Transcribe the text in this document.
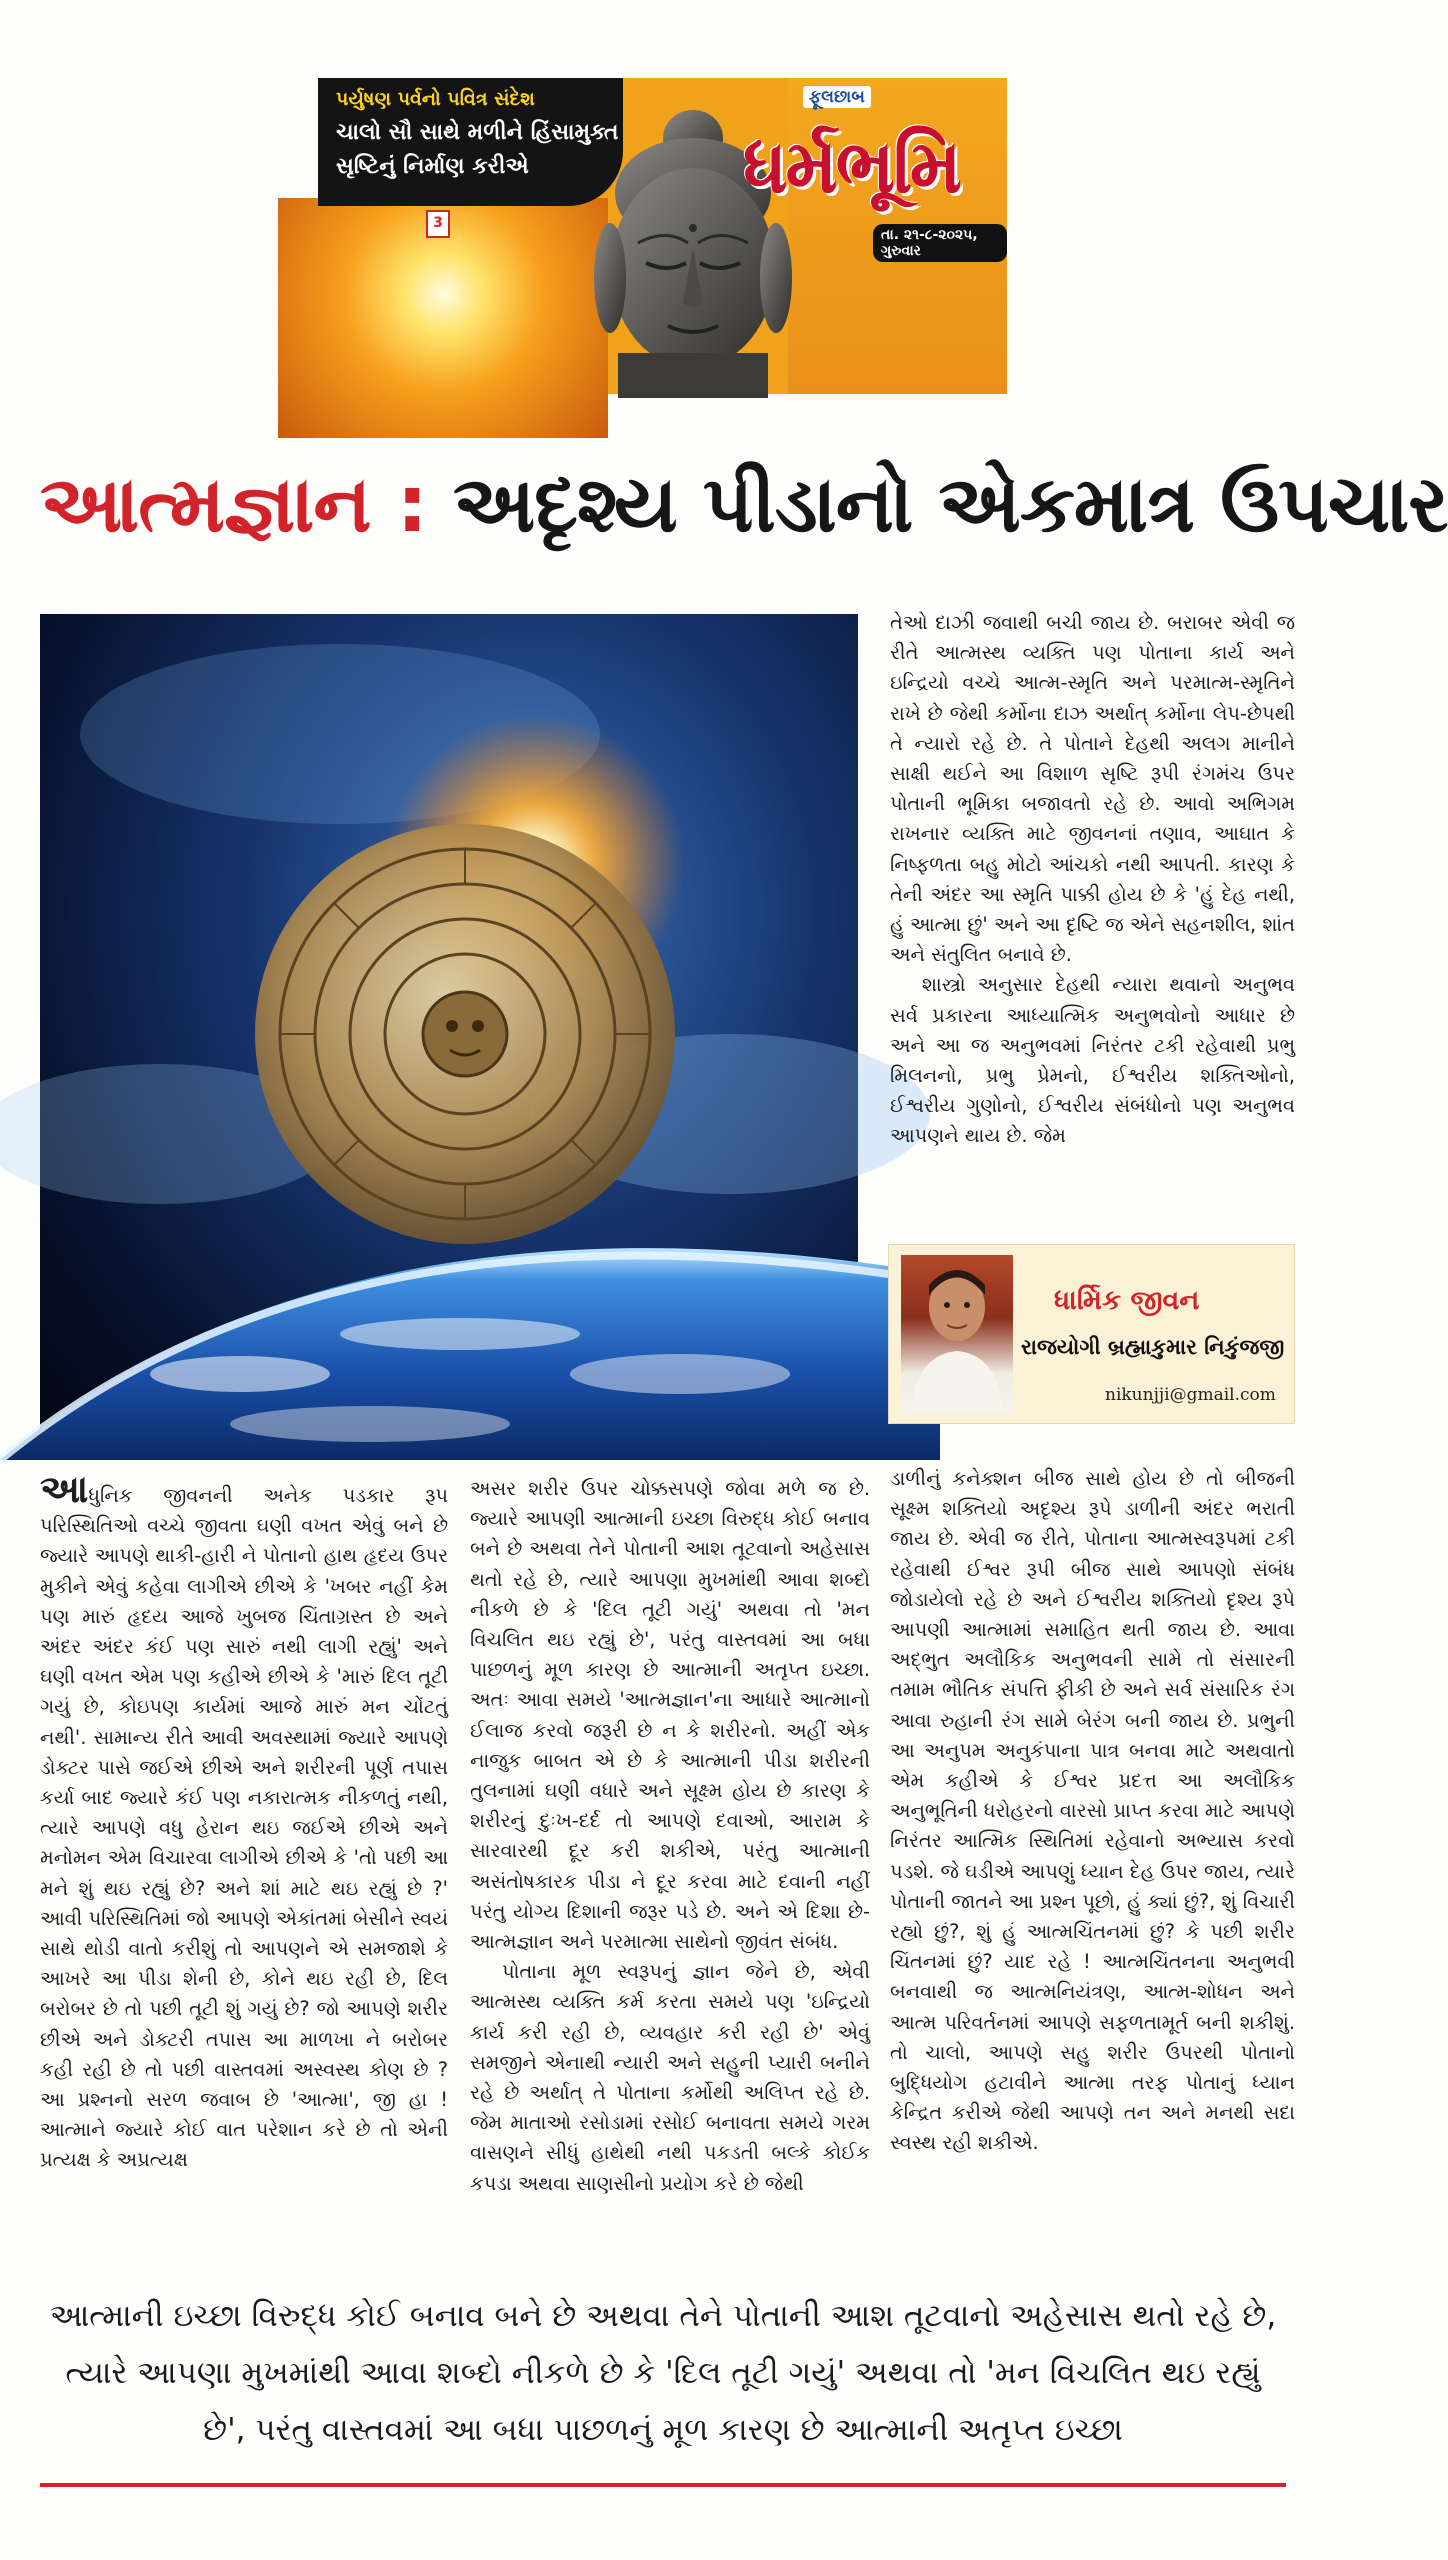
પર્યુષણ પર્વનો પવિત્ર સંદેશ
ચાલો સૌ સાથે મળીને હિંસામુક્ત
સૃષ્ટિનું નિર્માણ કરીએ
3
ફૂલછાબ
ધર્મભૂમિ
તા. ૨૧-૮-૨૦૨૫, ગુરુવાર
આત્મજ્ઞાન : અદૃશ્ય પીડાનો એકમાત્ર ઉપચાર

તેઓ દાઝી જવાથી બચી જાય છે. બરાબર એવી જ રીતે આત્મસ્થ વ્યક્તિ પણ પોતાના કાર્ય અને ઇન્દ્રિયો વચ્ચે આત્મ-સ્મૃતિ અને પરમાત્મ-સ્મૃતિને રાખે છે જેથી કર્મોના દાઝ અર્થાત્ કર્મોના લેપ-છેપથી તે ન્યારો રહે છે. તે પોતાને દેહથી અલગ માનીને સાક્ષી થઈને આ વિશાળ સૃષ્ટિ રૂપી રંગમંચ ઉપર પોતાની ભૂમિકા બજાવતો રહે છે. આવો અભિગમ રાખનાર વ્યક્તિ માટે જીવનનાં તણાવ, આઘાત કે નિષ્ફળતા બહુ મોટો આંચકો નથી આપતી. કારણ કે તેની અંદર આ સ્મૃતિ પાક્કી હોય છે કે 'હું દેહ નથી, હું આત્મા છું' અને આ દૃષ્ટિ જ એને સહનશીલ, શાંત અને સંતુલિત બનાવે છે.

શાસ્ત્રો અનુસાર દેહથી ન્યારા થવાનો અનુભવ સર્વ પ્રકારના આધ્યાત્મિક અનુભવોનો આધાર છે અને આ જ અનુભવમાં નિરંતર ટકી રહેવાથી પ્રભુ મિલનનો, પ્રભુ પ્રેમનો, ઈશ્વરીય શક્તિઓનો, ઈશ્વરીય ગુણોનો, ઈશ્વરીય સંબંધોનો પણ અનુભવ આપણને થાય છે. જેમ

ધાર્મિક જીવન
રાજયોગી બ્રહ્માકુમાર નિકુંજજી
nikunjji@gmail.com

આધુનિક જીવનની અનેક પડકાર રૂપ પરિસ્થિતિઓ વચ્ચે જીવતા ઘણી વખત એવું બને છે જ્યારે આપણે થાકી-હારી ને પોતાનો હાથ હૃદય ઉપર મુકીને એવું કહેવા લાગીએ છીએ કે 'ખબર નહીં કેમ પણ મારું હૃદય આજે ખુબજ ચિંતાગ્રસ્ત છે અને અંદર અંદર કંઈ પણ સારું નથી લાગી રહ્યું' અને ઘણી વખત એમ પણ કહીએ છીએ કે 'મારું દિલ તૂટી ગયું છે, કોઇપણ કાર્યમાં આજે મારું મન ચોંટતું નથી'. સામાન્ય રીતે આવી અવસ્થામાં જ્યારે આપણે ડોક્ટર પાસે જઈએ છીએ અને શરીરની પૂર્ણ તપાસ કર્યા બાદ જ્યારે કંઈ પણ નકારાત્મક નીકળતું નથી, ત્યારે આપણે વધુ હેરાન થઇ જઈએ છીએ અને મનોમન એમ વિચારવા લાગીએ છીએ કે 'તો પછી આ મને શું થઇ રહ્યું છે? અને શાં માટે થઇ રહ્યું છે ?' આવી પરિસ્થિતિમાં જો આપણે એકાંતમાં બેસીને સ્વયં સાથે થોડી વાતો કરીશું તો આપણને એ સમજાશે કે આખરે આ પીડા શેની છે, કોને થઇ રહી છે, દિલ બરોબર છે તો પછી તૂટી શું ગયું છે? જો આપણે શરીર છીએ અને ડોક્ટરી તપાસ આ માળખા ને બરોબર કહી રહી છે તો પછી વાસ્તવમાં અસ્વસ્થ કોણ છે ? આ પ્રશ્નનો સરળ જવાબ છે 'આત્મા', જી હા ! આત્માને જ્યારે કોઈ વાત પરેશાન કરે છે તો એની પ્રત્યક્ષ કે અપ્રત્યક્ષ

અસર શરીર ઉપર ચોક્કસપણે જોવા મળે જ છે. જ્યારે આપણી આત્માની ઇચ્છા વિરુદ્ધ કોઈ બનાવ બને છે અથવા તેને પોતાની આશ તૂટવાનો અહેસાસ થતો રહે છે, ત્યારે આપણા મુખમાંથી આવા શબ્દો નીકળે છે કે 'દિલ તૂટી ગયું' અથવા તો 'મન વિચલિત થઇ રહ્યું છે', પરંતુ વાસ્તવમાં આ બધા પાછળનું મૂળ કારણ છે આત્માની અતૃપ્ત ઇચ્છા. અતઃ આવા સમયે 'આત્મજ્ઞાન'ના આધારે આત્માનો ઈલાજ કરવો જરૂરી છે ન કે શરીરનો. અહીં એક નાજુક બાબત એ છે કે આત્માની પીડા શરીરની તુલનામાં ઘણી વધારે અને સૂક્ષ્મ હોય છે કારણ કે શરીરનું દુઃખ-દર્દ તો આપણે દવાઓ, આરામ કે સારવારથી દૂર કરી શકીએ, પરંતુ આત્માની અસંતોષકારક પીડા ને દૂર કરવા માટે દવાની નહીં પરંતુ યોગ્ય દિશાની જરૂર પડે છે. અને એ દિશા છે- આત્મજ્ઞાન અને પરમાત્મા સાથેનો જીવંત સંબંધ.

પોતાના મૂળ સ્વરૂપનું જ્ઞાન જેને છે, એવી આત્મસ્થ વ્યક્તિ કર્મ કરતા સમયે પણ 'ઇન્દ્રિયો કાર્ય કરી રહી છે, વ્યવહાર કરી રહી છે' એવું સમજીને એનાથી ન્યારી અને સહુની પ્યારી બનીને રહે છે અર્થાત્ તે પોતાના કર્મોથી અલિપ્ત રહે છે. જેમ માતાઓ રસોડામાં રસોઈ બનાવતા સમયે ગરમ વાસણને સીધું હાથેથી નથી પકડતી બલ્કે કોઈક કપડા અથવા સાણસીનો પ્રયોગ કરે છે જેથી

ડાળીનું કનેક્શન બીજ સાથે હોય છે તો બીજની સૂક્ષ્મ શક્તિયો અદૃશ્ય રૂપે ડાળીની અંદર ભરાતી જાય છે. એવી જ રીતે, પોતાના આત્મસ્વરૂપમાં ટકી રહેવાથી ઈશ્વર રૂપી બીજ સાથે આપણો સંબંધ જોડાયેલો રહે છે અને ઈશ્વરીય શક્તિયો દૃશ્ય રૂપે આપણી આત્મામાં સમાહિત થતી જાય છે. આવા અદ્ભુત અલૌકિક અનુભવની સામે તો સંસારની તમામ ભૌતિક સંપત્તિ ફીકી છે અને સર્વ સંસારિક રંગ આવા રુહાની રંગ સામે બેરંગ બની જાય છે. પ્રભુની આ અનુપમ અનુકંપાના પાત્ર બનવા માટે અથવાતો એમ કહીએ કે ઈશ્વર પ્રદત્ત આ અલૌકિક અનુભૂતિની ધરોહરનો વારસો પ્રાપ્ત કરવા માટે આપણે નિરંતર આત્મિક સ્થિતિમાં રહેવાનો અભ્યાસ કરવો પડશે. જે ઘડીએ આપણું ધ્યાન દેહ ઉપર જાય, ત્યારે પોતાની જાતને આ પ્રશ્ન પૂછો, હું ક્યાં છું?, શું વિચારી રહ્યો છું?, શું હું આત્મચિંતનમાં છું? કે પછી શરીર ચિંતનમાં છું? યાદ રહે ! આત્મચિંતનના અનુભવી બનવાથી જ આત્મનિયંત્રણ, આત્મ-શોધન અને આત્મ પરિવર્તનમાં આપણે સફળતામૂર્ત બની શકીશું. તો ચાલો, આપણે સહુ શરીર ઉપરથી પોતાનો બુદ્ધિયોગ હટાવીને આત્મા તરફ પોતાનું ધ્યાન કેન્દ્રિત કરીએ જેથી આપણે તન અને મનથી સદા સ્વસ્થ રહી શકીએ.

આત્માની ઇચ્છા વિરુદ્ધ કોઈ બનાવ બને છે અથવા તેને પોતાની આશ તૂટવાનો અહેસાસ થતો રહે છે, ત્યારે આપણા મુખમાંથી આવા શબ્દો નીકળે છે કે 'દિલ તૂટી ગયું' અથવા તો 'મન વિચલિત થઇ રહ્યું છે', પરંતુ વાસ્તવમાં આ બધા પાછળનું મૂળ કારણ છે આત્માની અતૃપ્ત ઇચ્છા
